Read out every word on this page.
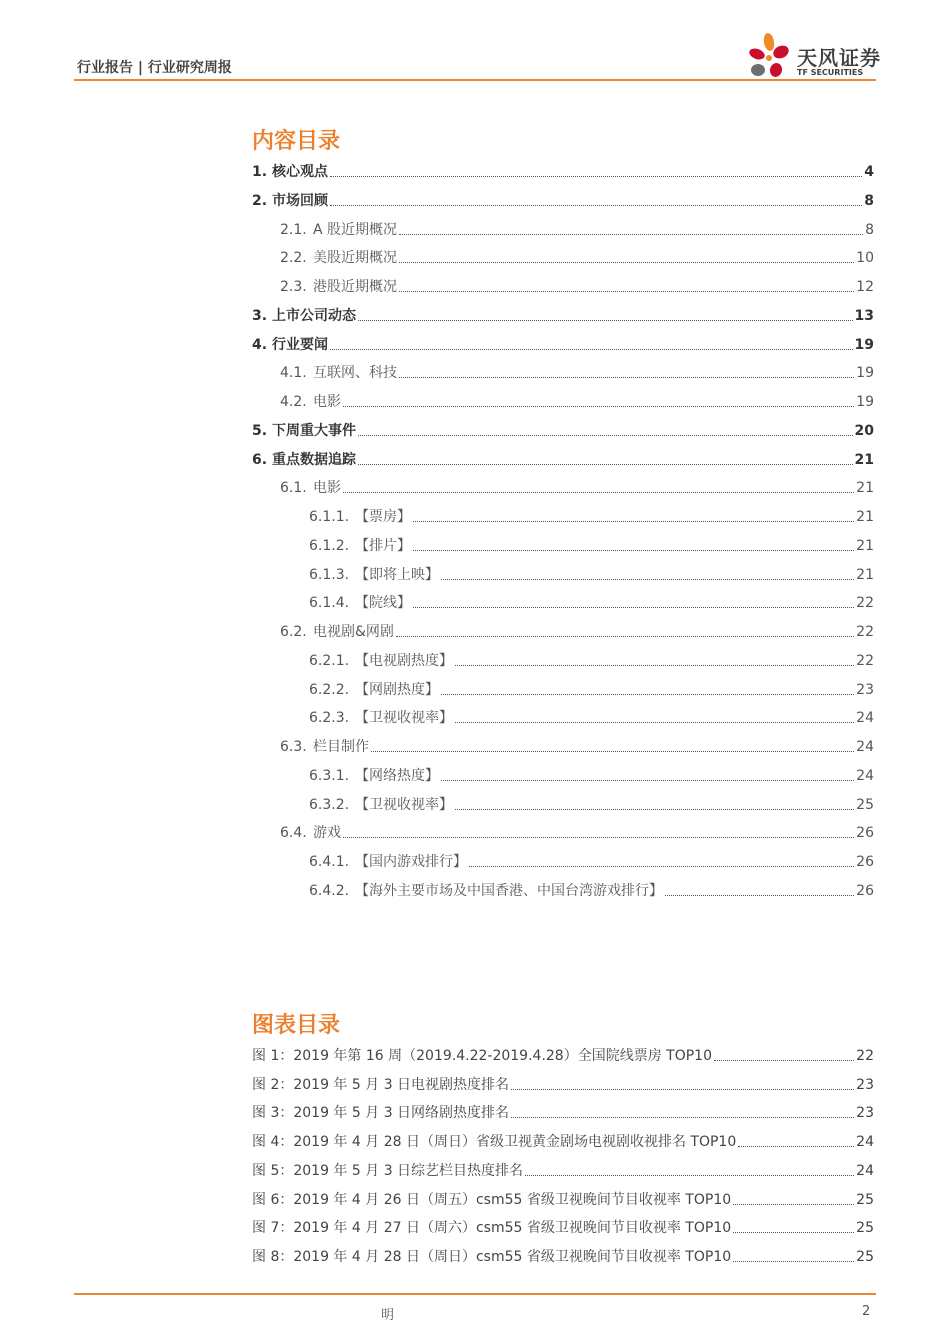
行业报告 | 行业研究周报	天风证券
TF SECURITIES
内容目录
1. 核心观点	4
2. 市场回顾	8
2.1. A 股近期概况	8
2.2. 美股近期概况	10
2.3. 港股近期概况	12
3. 上市公司动态	13
4. 行业要闻	19
4.1. 互联网、科技	19
4.2. 电影	19
5. 下周重大事件	20
6. 重点数据追踪	21
6.1. 电影	21
6.1.1. 【票房】	21
6.1.2. 【排片】	21
6.1.3. 【即将上映】	21
6.1.4. 【院线】	22
6.2. 电视剧&网剧	22
6.2.1. 【电视剧热度】	22
6.2.2. 【网剧热度】	23
6.2.3. 【卫视收视率】	24
6.3. 栏目制作	24
6.3.1. 【网络热度】	24
6.3.2. 【卫视收视率】	25
6.4. 游戏	26
6.4.1. 【国内游戏排行】	26
6.4.2. 【海外主要市场及中国香港、中国台湾游戏排行】	26
图表目录
图 1：2019 年第 16 周（2019.4.22-2019.4.28）全国院线票房 TOP10	22
图 2：2019 年 5 月 3 日电视剧热度排名	23
图 3：2019 年 5 月 3 日网络剧热度排名	23
图 4：2019 年 4 月 28 日（周日）省级卫视黄金剧场电视剧收视排名 TOP10	24
图 5：2019 年 5 月 3 日综艺栏目热度排名	24
图 6：2019 年 4 月 26 日（周五）csm55 省级卫视晚间节目收视率 TOP10	25
图 7：2019 年 4 月 27 日（周六）csm55 省级卫视晚间节目收视率 TOP10	25
图 8：2019 年 4 月 28 日（周日）csm55 省级卫视晚间节目收视率 TOP10	25
明	2
